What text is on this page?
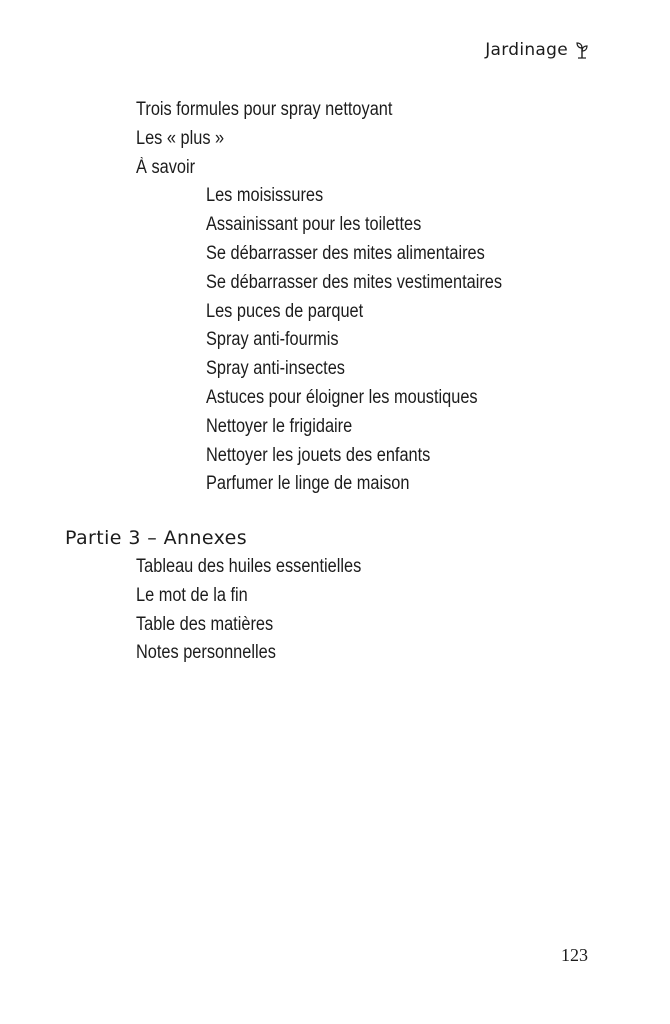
Jardinage
Trois formules pour spray nettoyant
Les « plus »
À savoir
Les moisissures
Assainissant pour les toilettes
Se débarrasser des mites alimentaires
Se débarrasser des mites vestimentaires
Les puces de parquet
Spray anti-fourmis
Spray anti-insectes
Astuces pour éloigner les moustiques
Nettoyer le frigidaire
Nettoyer les jouets des enfants
Parfumer le linge de maison
Partie 3 – Annexes
Tableau des huiles essentielles
Le mot de la fin
Table des matières
Notes personnelles
123
